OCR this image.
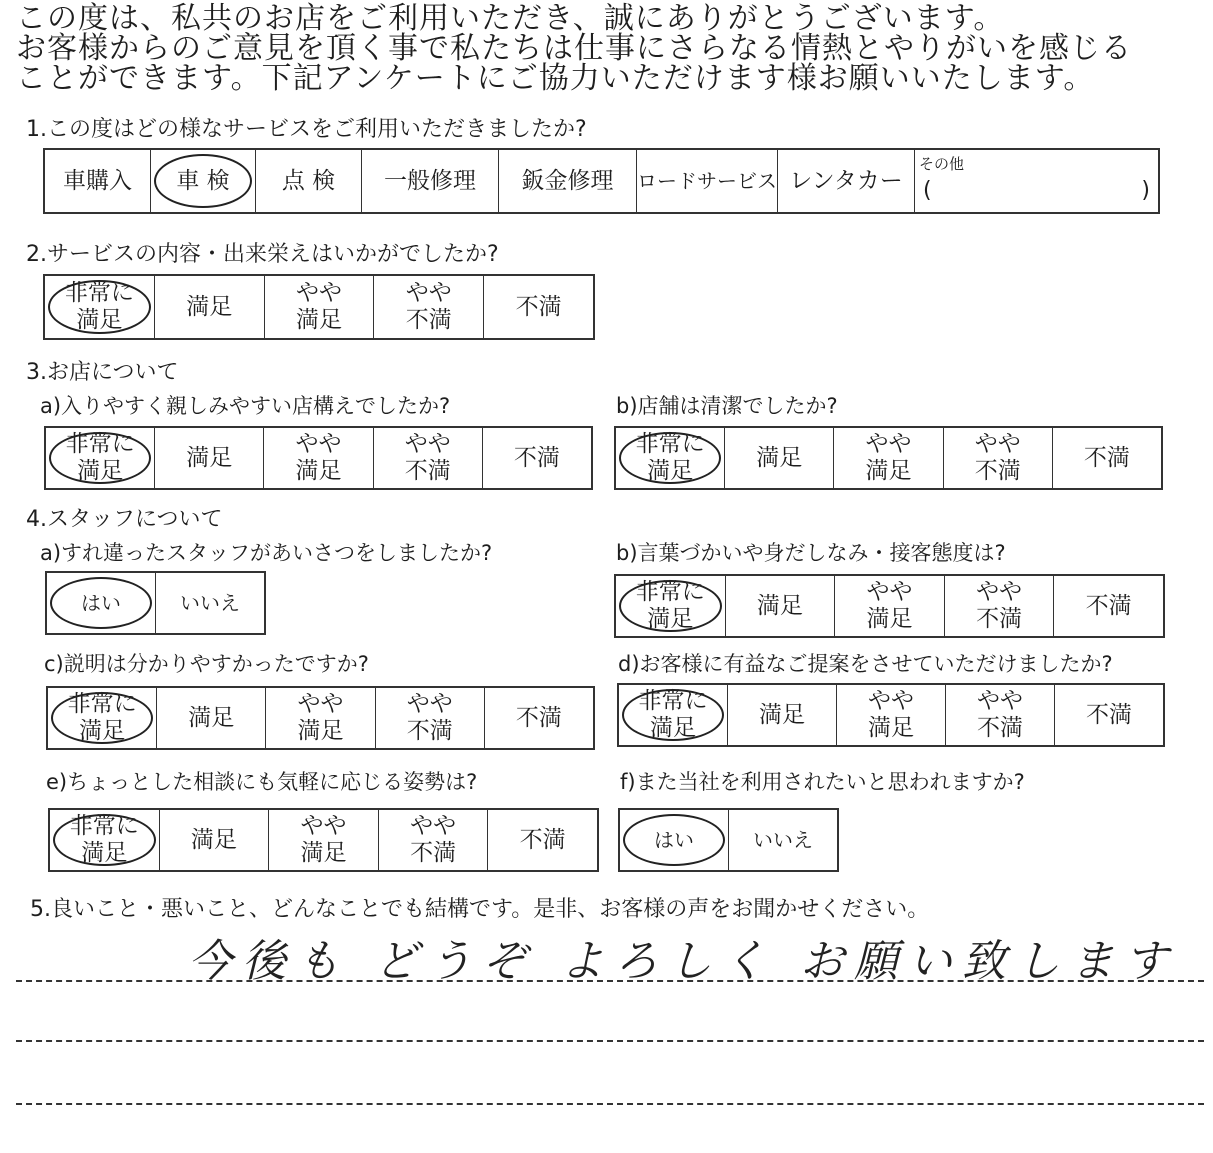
この度は、私共のお店をご利用いただき、誠にありがとうございます。
お客様からのご意見を頂く事で私たちは仕事にさらなる情熱とやりがいを感じる
ことができます。下記アンケートにご協力いただけます様お願いいたします。
1.この度はどの様なサービスをご利用いただきましたか?
車購入 車 検 点 検 一般修理 鈑金修理 ロードサービス レンタカー
その他
(	)
2.サービスの内容・出来栄えはいかがでしたか?
非常に
満足
満足
やや
満足
やや
不満
不満
3.お店について
a)入りやすく親しみやすい店構えでしたか?	b)店舗は清潔でしたか?
非常に
満足
満足
やや
満足
やや
不満
不満
非常に
満足
満足
やや
満足
やや
不満
不満
4.スタッフについて
a)すれ違ったスタッフがあいさつをしましたか?	b)言葉づかいや身だしなみ・接客態度は?
はい	いいえ	非常に
満足
満足
やや
満足
やや
不満
不満
c)説明は分かりやすかったですか?	d)お客様に有益なご提案をさせていただけましたか?
非常に
満足
満足
やや
満足
やや
不満
不満
非常に
満足
満足
やや
満足
やや
不満
不満
e)ちょっとした相談にも気軽に応じる姿勢は?	f)また当社を利用されたいと思われますか?
非常に
満足
満足
やや
満足
やや
不満
不満	はい	いいえ
5.良いこと・悪いこと、どんなことでも結構です。是非、お客様の声をお聞かせください。
今後も どうぞ よろしく お願い致します
